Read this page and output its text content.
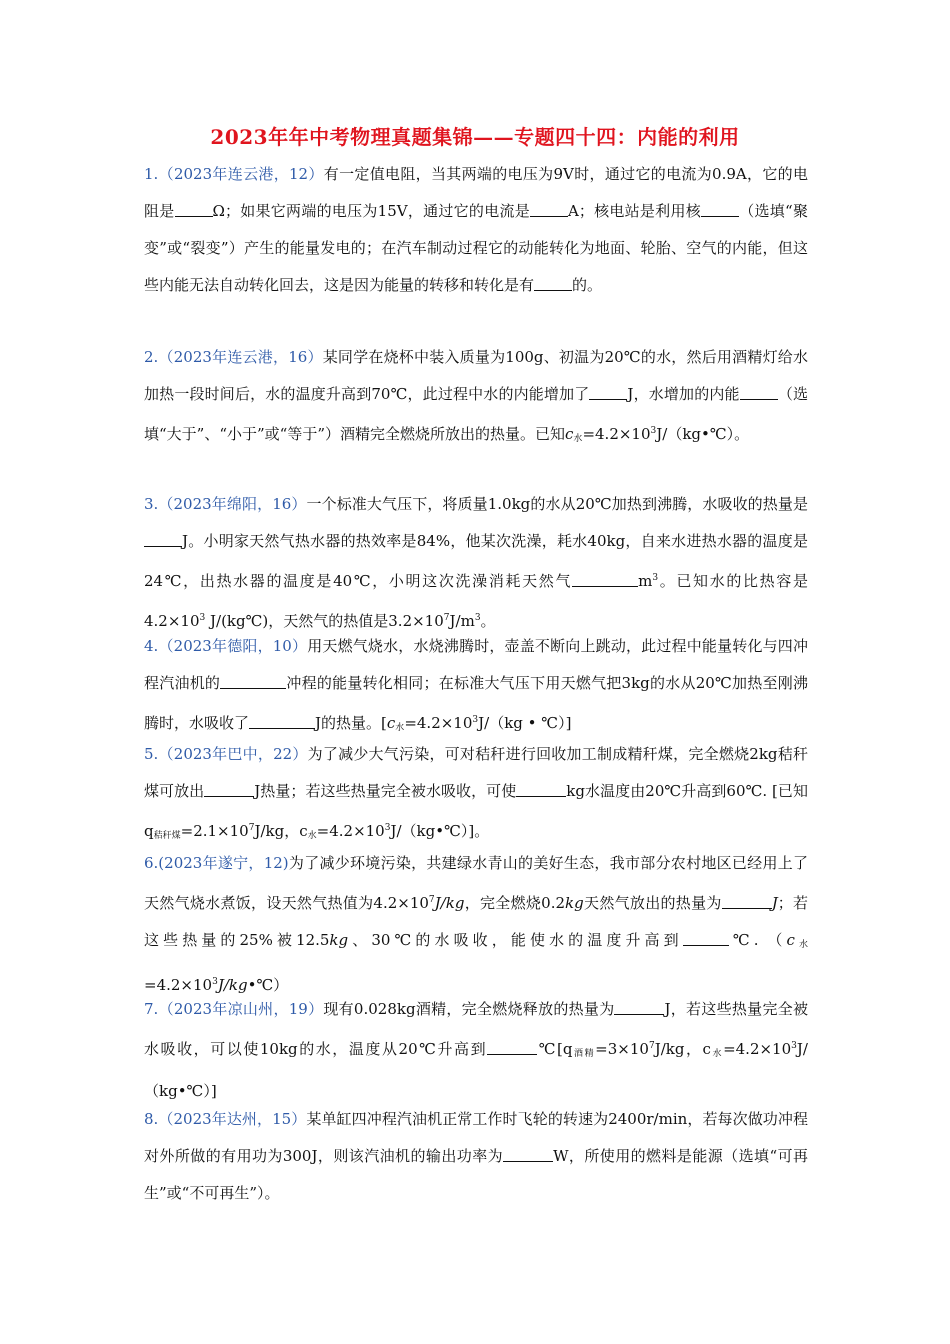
2023年年中考物理真题集锦——专题四十四：内能的利用
1.（2023年连云港，12）有一定值电阻，当其两端的电压为9V时，通过它的电流为0.9A，它的电阻是	Ω；如果它两端的电压为15V，通过它的电流是	A；核电站是利用核	（选填“聚变”或“裂变”）产生的能量发电的；在汽车制动过程它的动能转化为地面、轮胎、空气的内能，但这些内能无法自动转化回去，这是因为能量的转移和转化是有	的。
2.（2023年连云港，16）某同学在烧杯中装入质量为100g、初温为20℃的水，然后用酒精灯给水加热一段时间后，水的温度升高到70℃，此过程中水的内能增加了	J，水增加的内能	（选填“大于”、“小于”或“等于”）酒精完全燃烧所放出的热量。已知$c_水=4.2\times 10^3J/(kg•℃)$。
3.（2023年绵阳，16）一个标准大气压下，将质量1.0kg的水从20℃加热到沸腾，水吸收的热量是J。小明家天然气热水器的热效率是84%，他某次洗澡，耗水40kg，自来水进热水器的温度是24℃，出热水器的温度是40℃，小明这次洗澡消耗天然气	$m^3$。已知水的比热容是$4.2\times 10^3$ J/(kg℃)，天然气的热值是$3.2\times 10^7J/m^3$。
4.（2023年德阳，10）用天燃气烧水，水烧沸腾时，壶盖不断向上跳动，此过程中能量转化与四冲程汽油机的	冲程的能量转化相同；在标准大气压下用天燃气把3kg的水从20℃加热至刚沸腾时，水吸收了	J的热量。[$c_水=4.2\times 10^3J/(kg$ • ℃）]
5.（2023年巴中，22）为了减少大气污染，可对秸秆进行回收加工制成精秆煤，完全燃烧2kg秸秆煤可放出	J热量；若这些热量完全被水吸收，可使	kg水温度由20℃升高到60℃. [已知$q_{秸秆煤}=2.1\times 10^7J/kg$，$c_水=4.2\times 10^3J/(kg•℃)$]。
6.(2023年遂宁，12)为了减少环境污染，共建绿水青山的美好生态，我市部分农村地区已经用上了天然气烧水煮饭，设天然气热值为$4.2\times 10^7J/kg$，完全燃烧0.2kg天然气放出的热量为	J；若这些热量的25%被12.5kg、30℃的水吸收，能使水的温度升高到	℃. $(c_水=4.2\times 10^3J/kg•℃)$
7.（2023年凉山州，19）现有0.028kg酒精，完全燃烧释放的热量为	J，若这些热量完全被水吸收，可以使10kg的水，温度从20℃升高到	$℃[q_{酒精}=3\times 10^7J/kg$，$c_水=4.2\times 10^3J/(kg•℃)$]
8.（2023年达州，15）某单缸四冲程汽油机正常工作时飞轮的转速为2400r/min，若每次做功冲程对外所做的有用功为300J，则该汽油机的输出功率为	W，所使用的燃料是能源（选填“可再生”或“不可再生”）。
